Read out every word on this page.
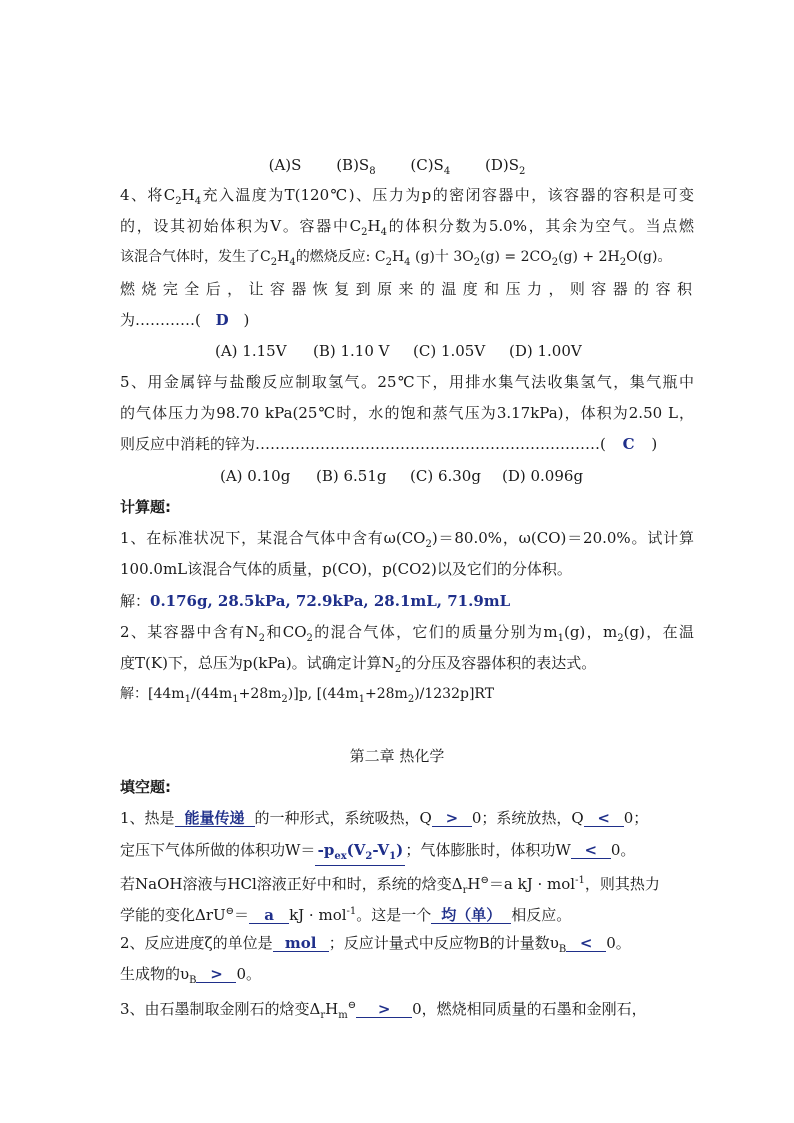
(A)S $(B)S_8$ $(C)S_4$ $(D)S_2$
4、将$C_2H_4$充入温度为T(120℃)、压力为p的密闭容器中，该容器的容积是可变
的，设其初始体积为V。容器中$C_2H_4$的体积分数为5.0%，其余为空气。当点燃
该混合气体时，发生了$C_2H_4$的燃烧反应: $C_2H_4$ (g)十 $3O_2(g) = 2CO_2(g) + 2H_2O(g)$。
燃烧完全后，让容器恢复到原来的温度和压力，则容器的容积
为…………( D )
(A) 1.15V (B) 1.10 V (C) 1.05V (D) 1.00V
5、用金属锌与盐酸反应制取氢气。25℃下，用排水集气法收集氢气，集气瓶中
的气体压力为98.70 kPa(25℃时，水的饱和蒸气压为3.17kPa)，体积为2.50 L，
则反应中消耗的锌为……………………………………………………………( C )
(A) 0.10g (B) 6.51g (C) 6.30g (D) 0.096g
计算题:
1、在标准状况下，某混合气体中含有$\omega(CO_2)=80.0\%$，ω(CO)＝20.0%。试计算
100.0mL该混合气体的质量，p(CO)，p(CO2)以及它们的分体积。
解：0.176g, 28.5kPa, 72.9kPa, 28.1mL, 71.9mL
2、某容器中含有$N_2$和$CO_2$的混合气体，它们的质量分别为$m_1(g)$，$m_2(g)$，在温
度T(K)下，总压为p(kPa)。试确定计算$N_2$的分压及容器体积的表达式。
解：$[44m_1/(44m_1+28m_2)]p$, $[(44m_1+28m_2)/1232p]RT$
第二章 热化学
填空题:
1、热是 能量传递 的一种形式，系统吸热，Q > 0；系统放热，Q < 0；
定压下气体所做的体积功$W= -p_{ex}(V_2-V_1)$ ；气体膨胀时，体积功W < 0。
若NaOH溶液与HCl溶液正好中和时，系统的焓变$\Delta_rH^⊖=a$ kJ · mol$^{-1}$，则其热力
学能的变化ΔrU⊖＝ a kJ · mol$^{-1}$。这是一个 均（单） 相反应。
2、反应进度ζ的单位是 mol ；反应计量式中反应物B的计量数$\upsilon_B < 0$。
生成物的$\upsilon_B > 0$。
3、由石墨制取金刚石的焓变$\Delta_rH_m^⊖ > 0$，燃烧相同质量的石墨和金刚石，
